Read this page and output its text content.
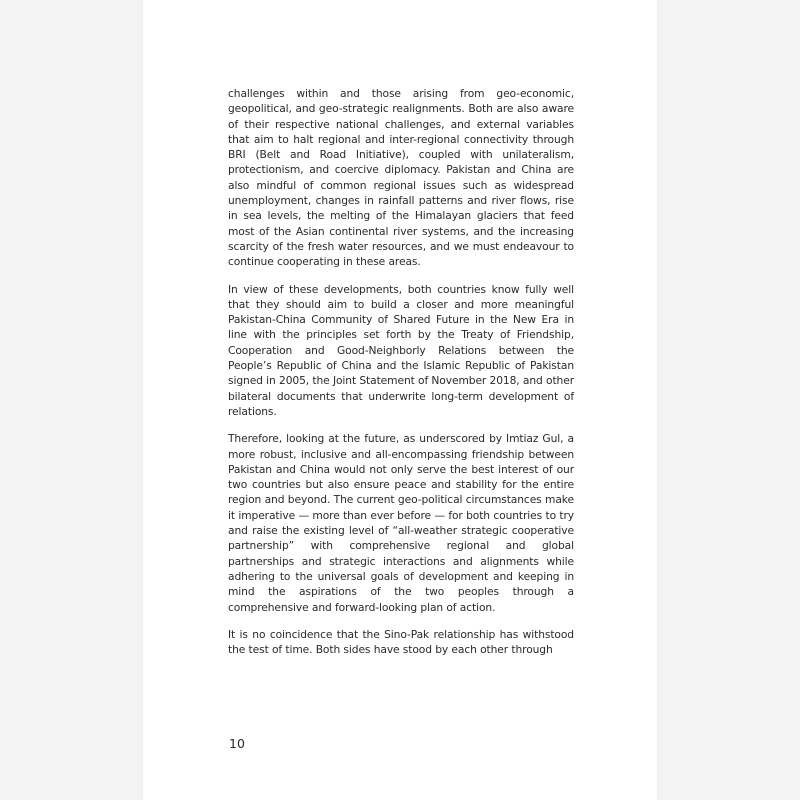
challenges within and those arising from geo-economic, geopolitical, and geo-strategic realignments. Both are also aware of their respective national challenges, and external variables that aim to halt regional and inter-regional connectivity through BRI (Belt and Road Initiative), coupled with unilateralism, protectionism, and coercive diplomacy. Pakistan and China are also mindful of common regional issues such as widespread unemployment, changes in rainfall patterns and river flows, rise in sea levels, the melting of the Himalayan glaciers that feed most of the Asian continental river systems, and the increasing scarcity of the fresh water resources, and we must endeavour to continue cooperating in these areas.

In view of these developments, both countries know fully well that they should aim to build a closer and more meaningful Pakistan-China Community of Shared Future in the New Era in line with the principles set forth by the Treaty of Friendship, Cooperation and Good-Neighborly Relations between the People’s Republic of China and the Islamic Republic of Pakistan signed in 2005, the Joint Statement of November 2018, and other bilateral documents that underwrite long-term development of relations.

Therefore, looking at the future, as underscored by Imtiaz Gul, a more robust, inclusive and all-encompassing friendship between Pakistan and China would not only serve the best interest of our two countries but also ensure peace and stability for the entire region and beyond. The current geo-political circumstances make it imperative — more than ever before — for both countries to try and raise the existing level of “all-weather strategic cooperative partnership” with comprehensive regional and global partnerships and strategic interactions and alignments while adhering to the universal goals of development and keeping in mind the aspirations of the two peoples through a comprehensive and forward-looking plan of action.

It is no coincidence that the Sino-Pak relationship has withstood the test of time. Both sides have stood by each other through

10
